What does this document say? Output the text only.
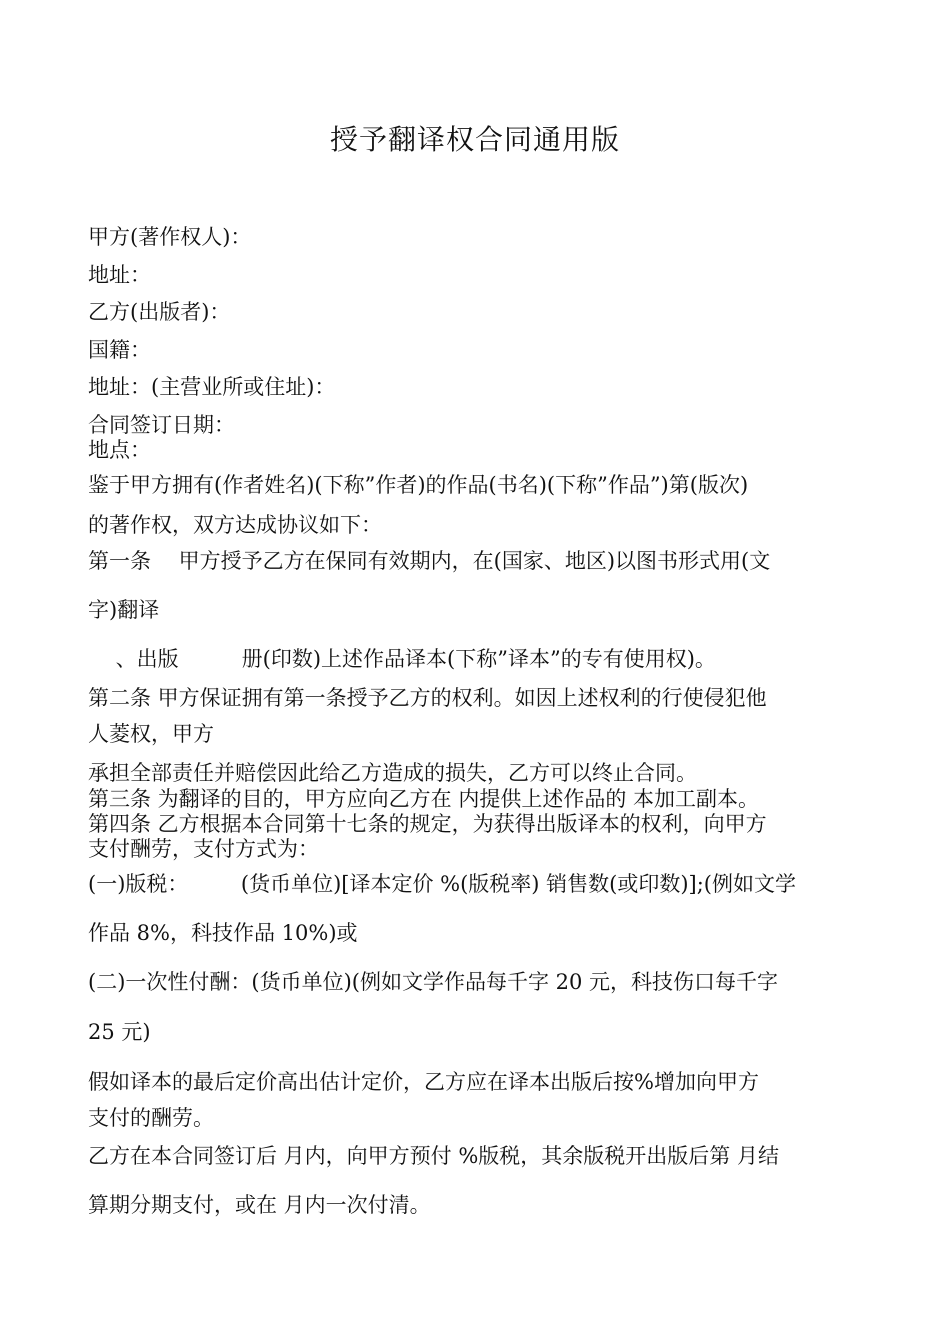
授予翻译权合同通用版
甲方(著作权人)：
地址：
乙方(出版者)：
国籍：
地址：(主营业所或住址)：
合同签订日期：
地点：
鉴于甲方拥有(作者姓名)(下称”作者)的作品(书名)(下称”作品”)第(版次)
的著作权，双方达成协议如下：
第一条　 甲方授予乙方在保同有效期内，在(国家、地区)以图书形式用(文
字)翻译
　 、出版　　　册(印数)上述作品译本(下称”译本”的专有使用权)。
第二条 甲方保证拥有第一条授予乙方的权利。如因上述权利的行使侵犯他
人菱权，甲方
承担全部责任并赔偿因此给乙方造成的损失，乙方可以终止合同。
第三条 为翻译的目的，甲方应向乙方在 内提供上述作品的 本加工副本。
第四条 乙方根据本合同第十七条的规定，为获得出版译本的权利，向甲方
支付酬劳，支付方式为：
(一)版税：　　　(货币单位)[译本定价 %(版税率) 销售数(或印数)];(例如文学
作品 8%，科技作品 10%)或
(二)一次性付酬：(货币单位)(例如文学作品每千字 20 元，科技伤口每千字
25 元)
假如译本的最后定价高出估计定价，乙方应在译本出版后按%增加向甲方
支付的酬劳。
乙方在本合同签订后 月内，向甲方预付 %版税，其余版税开出版后第 月结
算期分期支付，或在 月内一次付清。
